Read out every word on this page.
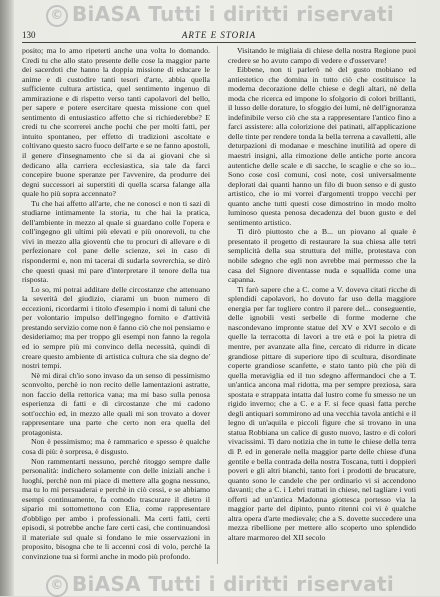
© BiASA Tutti i diritti riservati
130	ARTE E STORIA

posito; ma lo amo ripeterti anche una volta lo domando. Credi tu che allo stato presente delle cose la maggior parte dei sacerdoti che hanno la doppia missione di educare le anime e di custodire tanti tesori d'arte, abbia quella sufficiente cultura artistica, quel sentimento ingenuo di ammirazione e di rispetto verso tanti capolavori del bello, per sapere e potere esercitare questa missione con quel sentimento di entusiastico affetto che si richiederebbe? E credi tu che scorrerei anche pochi che per molti fatti, per intuito spontaneo, per effetto di tradizioni ascoltate e coltivano questo sacro fuoco dell'arte e se ne fanno apostoli, il genere d'insegnamento che si da ai giovani che si dedicano alla carriera ecclesiastica, sia tale da farci concepire buone speranze per l'avvenire, da produrre dei degni successori ai superstiti di quella scarsa falange alla quale ho più sopra accennato?

Tu che hai affetto all'arte, che ne conosci e non ti sazi di studiarne intimamente la storia, tu che hai la pratica, dell'ambiente in mezzo al quale si guardano colle l'opera e coll'ingegno gli ultimi più elevati e più onorevoli, tu che vivi in mezzo alla gioventù che tu procuri di allevare e di perfezionare col pane delle scienze, sei in caso di rispondermi e, non mi tacerai di sudarla sovrerchia, se dirò che questi quasi mi pare d'interpretare il tenore della tua risposta.

Lo so, mi potrai additare delle circostanze che attenuano la severità del giudizio, ciarami un buon numero di eccezioni, ricordarmi i titolo d'esempio i nomi di taluni che per volontario impulso dell'ingegno fornito e d'attività prestando servizio come non è fanno ciò che noi pensiamo e desideriamo; ma per troppo gli esempi non fanno la regola ed io sempre più mi convinco della necessità, quindi di creare questo ambiente di artistica cultura che sia degno de' nostri tempi.

Nè mi dirai ch'io sono invaso da un senso di pessimismo sconvolto, perchè io non recito delle lamentazioni astratte, non faccio della rettorica vana; ma mi baso sulla penosa esperienza di fatti e di circostanze che mi cadono sott'occhio ed, in mezzo alle quali mi son trovato a dover rappresentare una parte che certo non era quella del protagonista.

Non è pessimismo; ma è rammarico e spesso è qualche cosa di più: è sorpresa, è disgusto.

Non rammentarti nessuno, perchè ritoggo sempre dalle personalità: indichero solamente con delle iniziali anche i luoghi, perchè non mi piace di mettere alla gogna nessuno, ma tu lo mi persuaderai e perchè in ciò cessi, e se abbiamo esempi continuamente, fa comodo trascurare il dietro il sipario mi sottomettono con Elia, come rappresentare d'obbligo per ambo i professionali. Ma certi fatti, certi episodi, si potrebbe anche fare certi casi, che continuandosi il materiale sul quale si fondano le mie osservazioni in proposito, bisogna che te li accenni così di volo, perchè la convinzione tua si formi anche in modo più profondo.

Visitando le migliaia di chiese della nostra Regione puoi credere se ho avuto campo di vedere e d'osservare!

Eibbene, non ti parlerò nè del gusto mobiano ed antiestetico che domina in tutto ciò che costituisce la moderna decorazione delle chiese e degli altari, nè della moda che ricerca ed impone lo sfolgorio di colori brillanti, il lusso delle dorature, lo sfoggio dei lumi, nè dell'ignoranza indefinibile verso ciò che sta a rappresentare l'antico fino a farci assistere: alla colorizione dei patinati, all'applicazione delle tinte per rendere tonda la bella terrena a cavalletti, alle deturpazioni di modanae e meschine inutilità ad opere di maestri insigni, alla rimozione delle antiche porte ancora autentiche delle scale e di sacche, le scaglie e che so io... Sono cose così comuni, così note, così universalmente deplorati dai quanti hanno un filo di buon senso e di gusto artistico, che io mi vorrei d'argomenti troppo vecchi per quanto anche tutti questi cose dimostrino in modo molto luminoso questa penosa decadenza del buon gusto e del sentimento artistico.

Ti dirò piuttosto che a B... un piovano al quale è presentato il progetto di restaurare la sua chiesa alle tetri semplicità della sua struttura del mille, protestava con nobile sdegno che egli non avrebbe mai permesso che la casa del Signore diventasse nuda e squallida come una capanna.

Ti farò sapere che a C. come a V. doveva citati ricche di splendidi capolavori, ho dovuto far uso della maggiore energia per far togliere contro il parere del... conseguentie, delle ignobili vesti serbelle di forme moderne che nascondevano impronte statue del XV e XVI secolo e di quelle la terracotta di lavori a tre età e poi la pietra di mentre, per avanzate alla fine, cercato di ridurre in dicate grandiose pittare di superiore tipo di scultura, disordinate coperte grandiose scanfette, e stato tanto più che più di quella meraviglia ed il tuo sdegno affermandoci che a T. un'antica ancona mal ridotta, ma per sempre preziosa, sara spostata e strappata intatta dal lustro come fu smesso ne un rigido inverno; che a C. e a F. si fece quasi fatta perche degli antiquari sommirono ad una vecchia tavola antichi e il legno di un'aquila e piccoli figure che si trovano in una statua Robbiana un calice di gusto nuovo, lastro e di colori vivacissimi. Ti daro notizia che in tutte le chiese della terra di P. ed in generale nella maggior parte delle chiese d'una gentile e bella contrada della nostra Toscana, tutti i doppieri poveri e gli altri bianchi, tanto fori i prodotti de brucature, quanto sono le candele che per ordinario vi si accendono davanti; che a C. i Lebri trattati in chiese, nel tagliare i voti offerti ad un'antica Madonna giottesca portesso via la maggior parte del dipinto, punto ritenni coi vi è qualche altra opera d'arte medievale; che a S. dovette succedere una mezza ribellione per mettere allo scoperto uno splendido altare marmoreo del XII secolo

© BiASA Tutti i diritti riservati
